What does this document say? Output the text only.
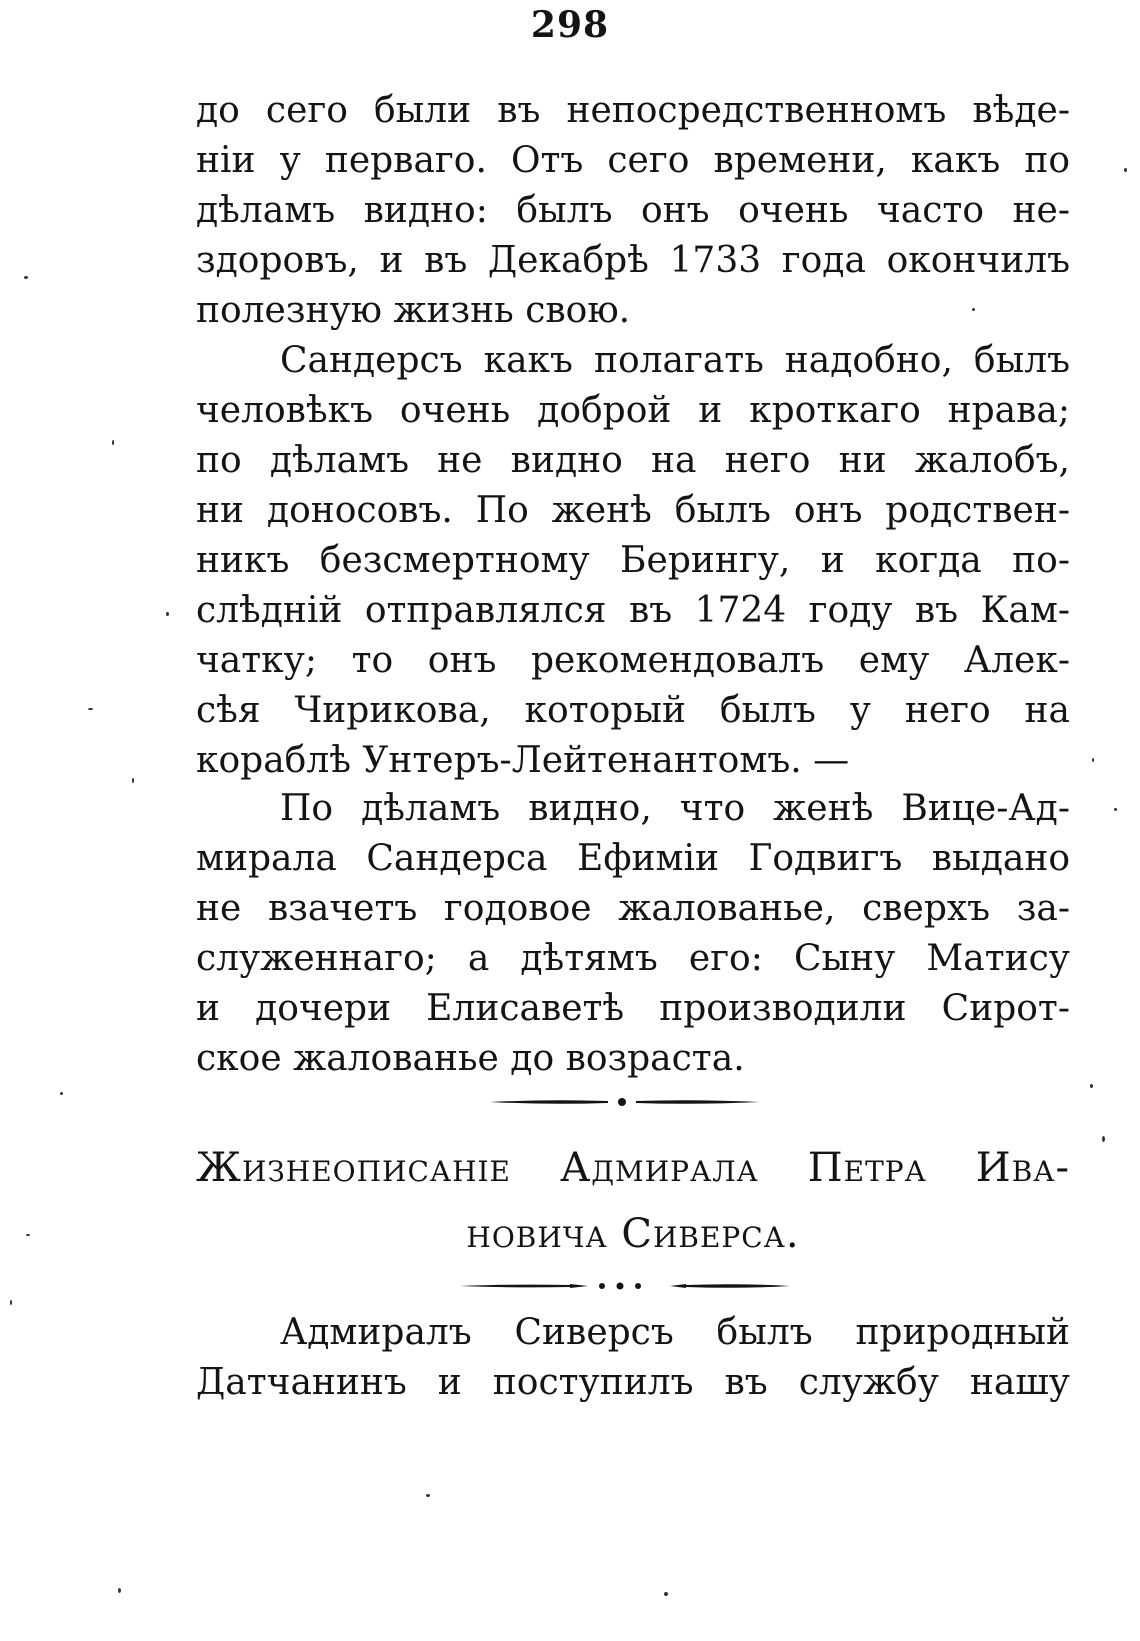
298
до сего были въ непосредственномъ вѣде-
нiи у перваго. Отъ сего времени, какъ по
дѣламъ видно: былъ онъ очень часто не-
здоровъ, и въ Декабрѣ 1733 года окончилъ
полезную жизнь свою.
Сандерсъ какъ полагать надобно, былъ
человѣкъ очень доброй и кроткаго нрава;
по дѣламъ не видно на него ни жалобъ,
ни доносовъ. По женѣ былъ онъ родствен-
никъ безсмертному Берингу, и когда по-
слѣднiй отправлялся въ 1724 году въ Кам-
чатку; то онъ рекомендовалъ ему Алек-
сѣя Чирикова, который былъ у него на
кораблѣ Унтеръ-Лейтенантомъ. —
По дѣламъ видно, что женѣ Вице-Ад-
мирала Сандерса Ефимiи Годвигъ выдано
не взачетъ годовое жалованье, сверхъ за-
служеннаго; а дѣтямъ его: Сыну Матису
и дочери Елисаветѣ производили Сирот-
ское жалованье до возраста.
Жизнеописанiе Адмирала Петра Ива-
новича Сиверса.
Адмиралъ Сиверсъ былъ природный
Датчанинъ и поступилъ въ службу нашу
